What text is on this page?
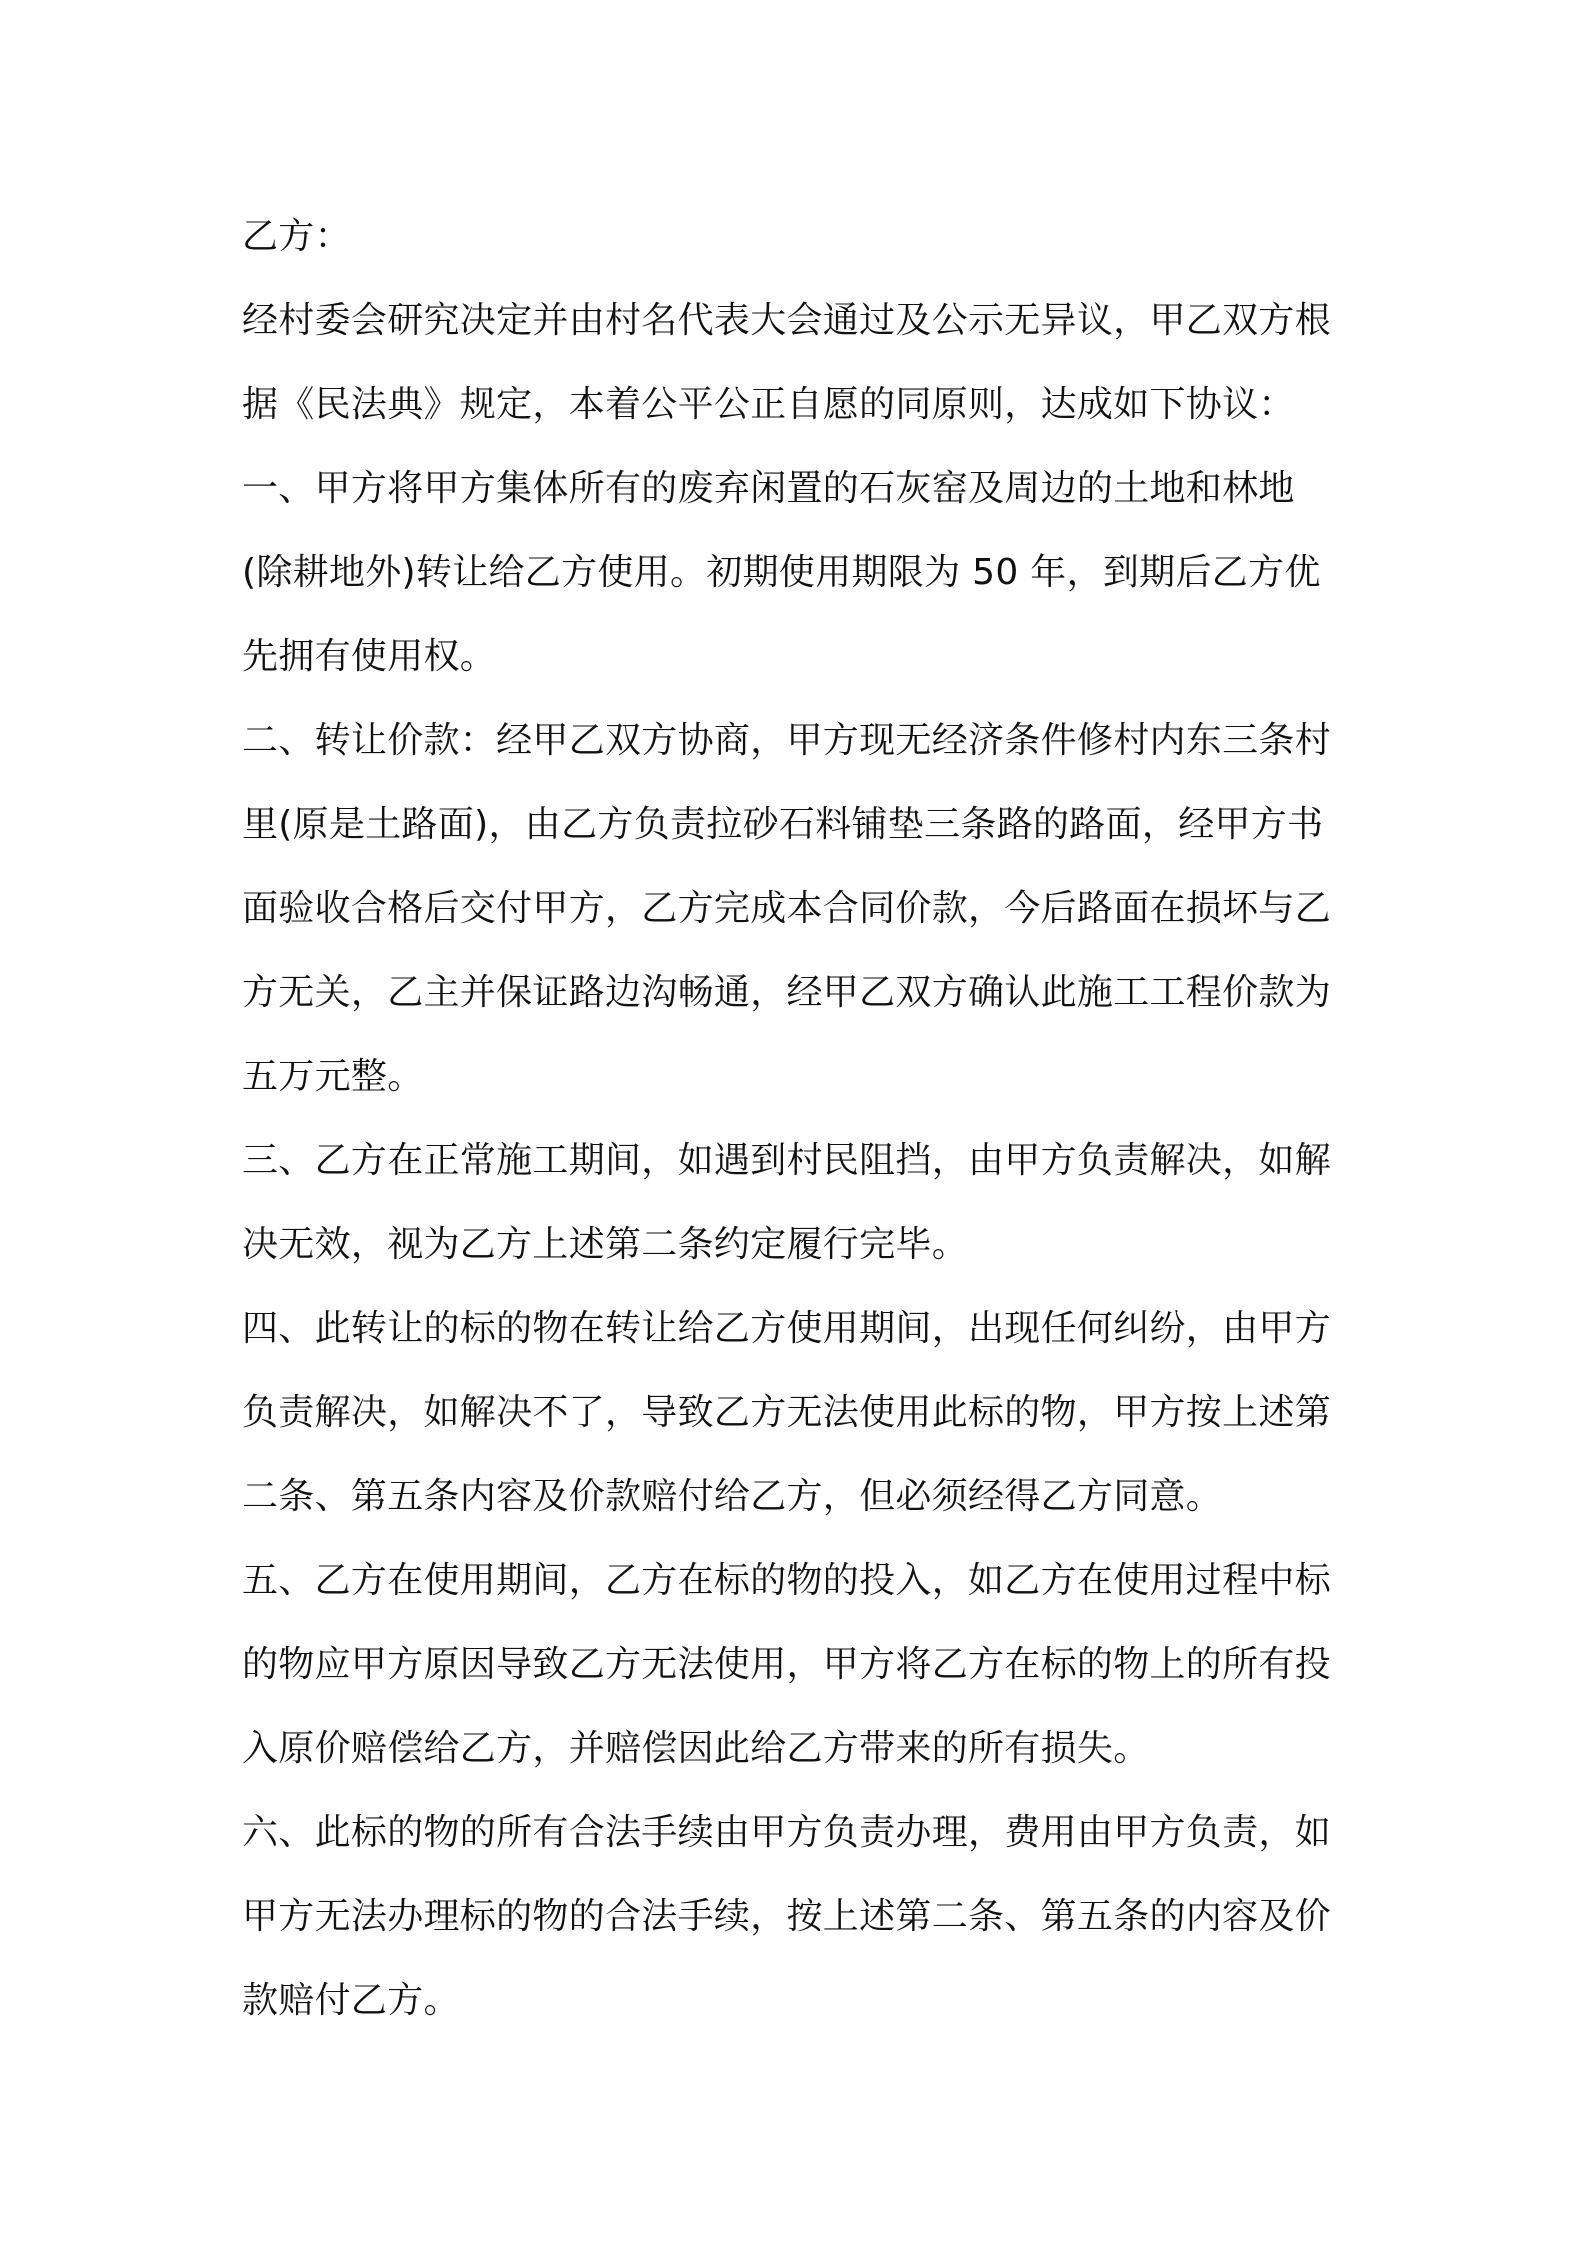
乙方：
经村委会研究决定并由村名代表大会通过及公示无异议，甲乙双方根
据《民法典》规定，本着公平公正自愿的同原则，达成如下协议：
一、甲方将甲方集体所有的废弃闲置的石灰窑及周边的土地和林地
(除耕地外)转让给乙方使用。初期使用期限为 50 年，到期后乙方优
先拥有使用权。
二、转让价款：经甲乙双方协商，甲方现无经济条件修村内东三条村
里(原是土路面)，由乙方负责拉砂石料铺垫三条路的路面，经甲方书
面验收合格后交付甲方，乙方完成本合同价款，今后路面在损坏与乙
方无关，乙主并保证路边沟畅通，经甲乙双方确认此施工工程价款为
五万元整。
三、乙方在正常施工期间，如遇到村民阻挡，由甲方负责解决，如解
决无效，视为乙方上述第二条约定履行完毕。
四、此转让的标的物在转让给乙方使用期间，出现任何纠纷，由甲方
负责解决，如解决不了，导致乙方无法使用此标的物，甲方按上述第
二条、第五条内容及价款赔付给乙方，但必须经得乙方同意。
五、乙方在使用期间，乙方在标的物的投入，如乙方在使用过程中标
的物应甲方原因导致乙方无法使用，甲方将乙方在标的物上的所有投
入原价赔偿给乙方，并赔偿因此给乙方带来的所有损失。
六、此标的物的所有合法手续由甲方负责办理，费用由甲方负责，如
甲方无法办理标的物的合法手续，按上述第二条、第五条的内容及价
款赔付乙方。
